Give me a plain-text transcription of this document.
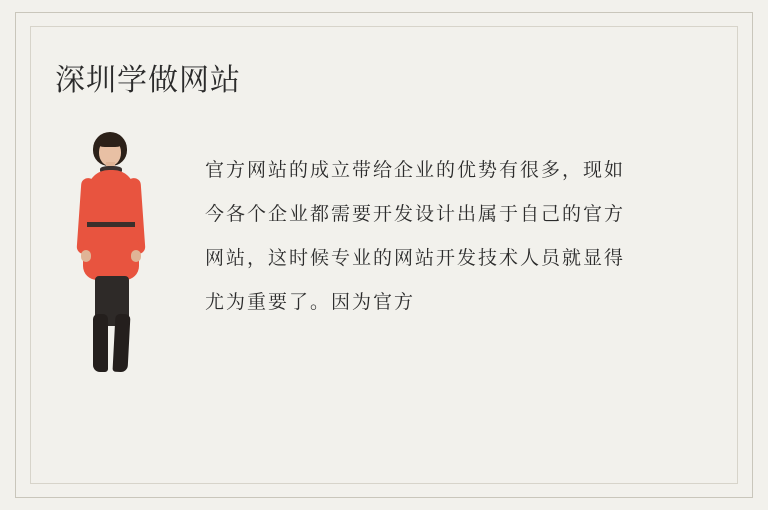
深圳学做网站

官方网站的成立带给企业的优势有很多，现如今各个企业都需要开发设计出属于自己的官方网站，这时候专业的网站开发技术人员就显得尤为重要了。因为官方
